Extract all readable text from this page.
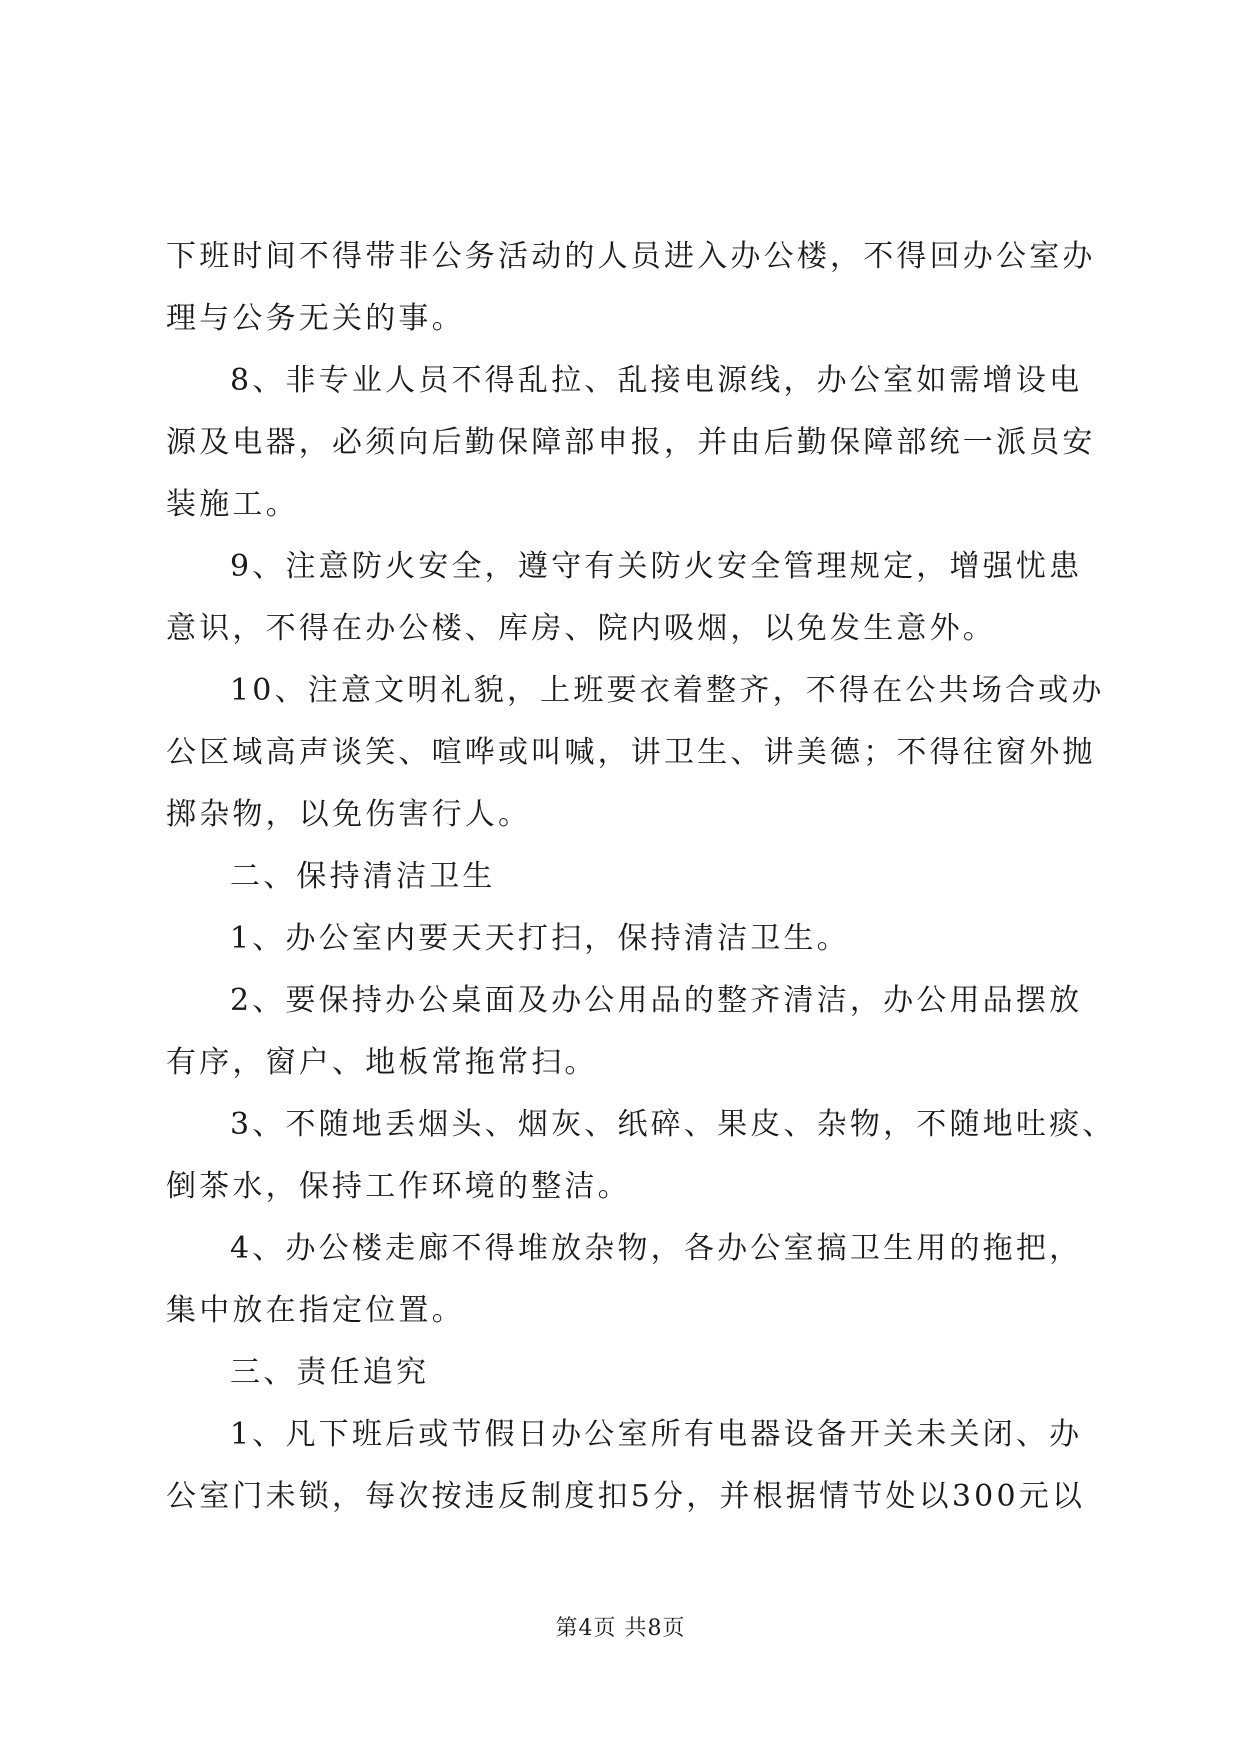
下班时间不得带非公务活动的人员进入办公楼，不得回办公室办
理与公务无关的事。
8、非专业人员不得乱拉、乱接电源线，办公室如需增设电
源及电器，必须向后勤保障部申报，并由后勤保障部统一派员安
装施工。
9、注意防火安全，遵守有关防火安全管理规定，增强忧患
意识，不得在办公楼、库房、院内吸烟，以免发生意外。
10、注意文明礼貌，上班要衣着整齐，不得在公共场合或办
公区域高声谈笑、喧哗或叫喊，讲卫生、讲美德；不得往窗外抛
掷杂物，以免伤害行人。
二、保持清洁卫生
1、办公室内要天天打扫，保持清洁卫生。
2、要保持办公桌面及办公用品的整齐清洁，办公用品摆放
有序，窗户、地板常拖常扫。
3、不随地丢烟头、烟灰、纸碎、果皮、杂物，不随地吐痰、
倒茶水，保持工作环境的整洁。
4、办公楼走廊不得堆放杂物，各办公室搞卫生用的拖把，
集中放在指定位置。
三、责任追究
1、凡下班后或节假日办公室所有电器设备开关未关闭、办
公室门未锁，每次按违反制度扣5分，并根据情节处以300元以
第4页 共8页
